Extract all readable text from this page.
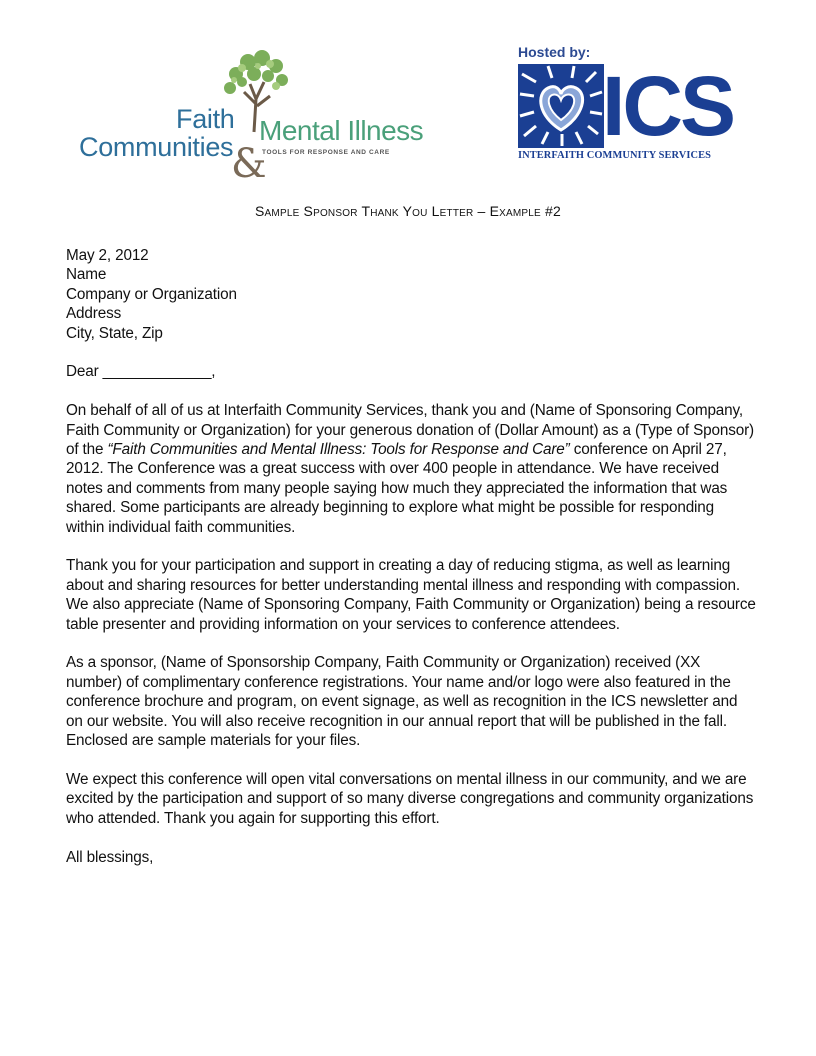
Faith
Communities
&
Mental Illness
TOOLS FOR RESPONSE AND CARE
Hosted by:
ICS
INTERFAITH COMMUNITY SERVICES
Sample Sponsor Thank You Letter – Example #2

May 2, 2012

Name
Company or Organization
Address
City, State, Zip

Dear _____________,

On behalf of all of us at Interfaith Community Services, thank you and (Name of Sponsoring Company, Faith Community or Organization) for your generous donation of (Dollar Amount) as a (Type of Sponsor) of the “Faith Communities and Mental Illness: Tools for Response and Care” conference on April 27, 2012. The Conference was a great success with over 400 people in attendance. We have received notes and comments from many people saying how much they appreciated the information that was shared. Some participants are already beginning to explore what might be possible for responding within individual faith communities.

Thank you for your participation and support in creating a day of reducing stigma, as well as learning about and sharing resources for better understanding mental illness and responding with compassion. We also appreciate (Name of Sponsoring Company, Faith Community or Organization) being a resource table presenter and providing information on your services to conference attendees.

As a sponsor, (Name of Sponsorship Company, Faith Community or Organization) received (XX number) of complimentary conference registrations. Your name and/or logo were also featured in the conference brochure and program, on event signage, as well as recognition in the ICS newsletter and on our website. You will also receive recognition in our annual report that will be published in the fall. Enclosed are sample materials for your files.

We expect this conference will open vital conversations on mental illness in our community, and we are excited by the participation and support of so many diverse congregations and community organizations who attended. Thank you again for supporting this effort.

All blessings,
